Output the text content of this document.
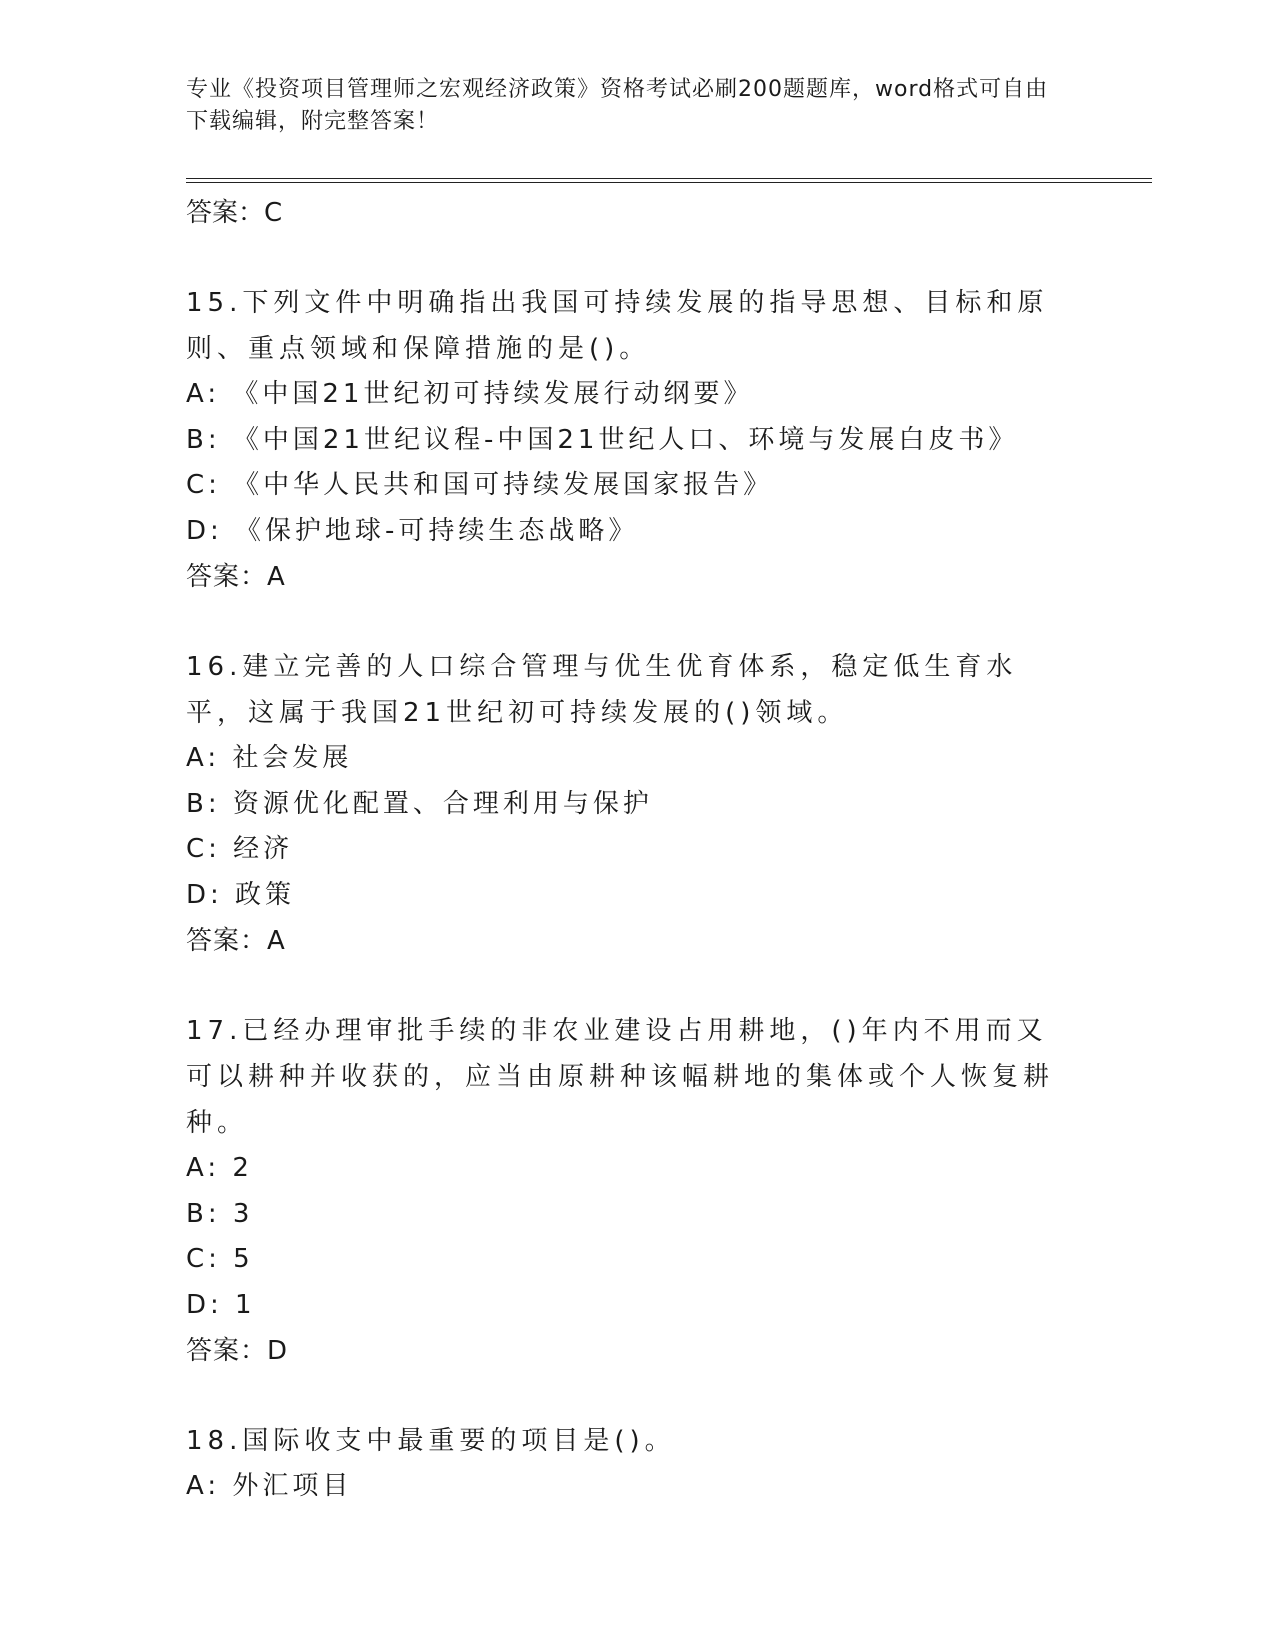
专业《投资项目管理师之宏观经济政策》资格考试必刷200题题库，word格式可自由下载编辑，附完整答案！
答案：C
15.下列文件中明确指出我国可持续发展的指导思想、目标和原则、重点领域和保障措施的是()。
A: 《中国21世纪初可持续发展行动纲要》
B: 《中国21世纪议程-中国21世纪人口、环境与发展白皮书》
C: 《中华人民共和国可持续发展国家报告》
D: 《保护地球-可持续生态战略》
答案：A
16.建立完善的人口综合管理与优生优育体系，稳定低生育水平，这属于我国21世纪初可持续发展的()领域。
A: 社会发展
B: 资源优化配置、合理利用与保护
C: 经济
D: 政策
答案：A
17.已经办理审批手续的非农业建设占用耕地，()年内不用而又可以耕种并收获的，应当由原耕种该幅耕地的集体或个人恢复耕种。
A: 2
B: 3
C: 5
D: 1
答案：D
18.国际收支中最重要的项目是()。
A: 外汇项目
